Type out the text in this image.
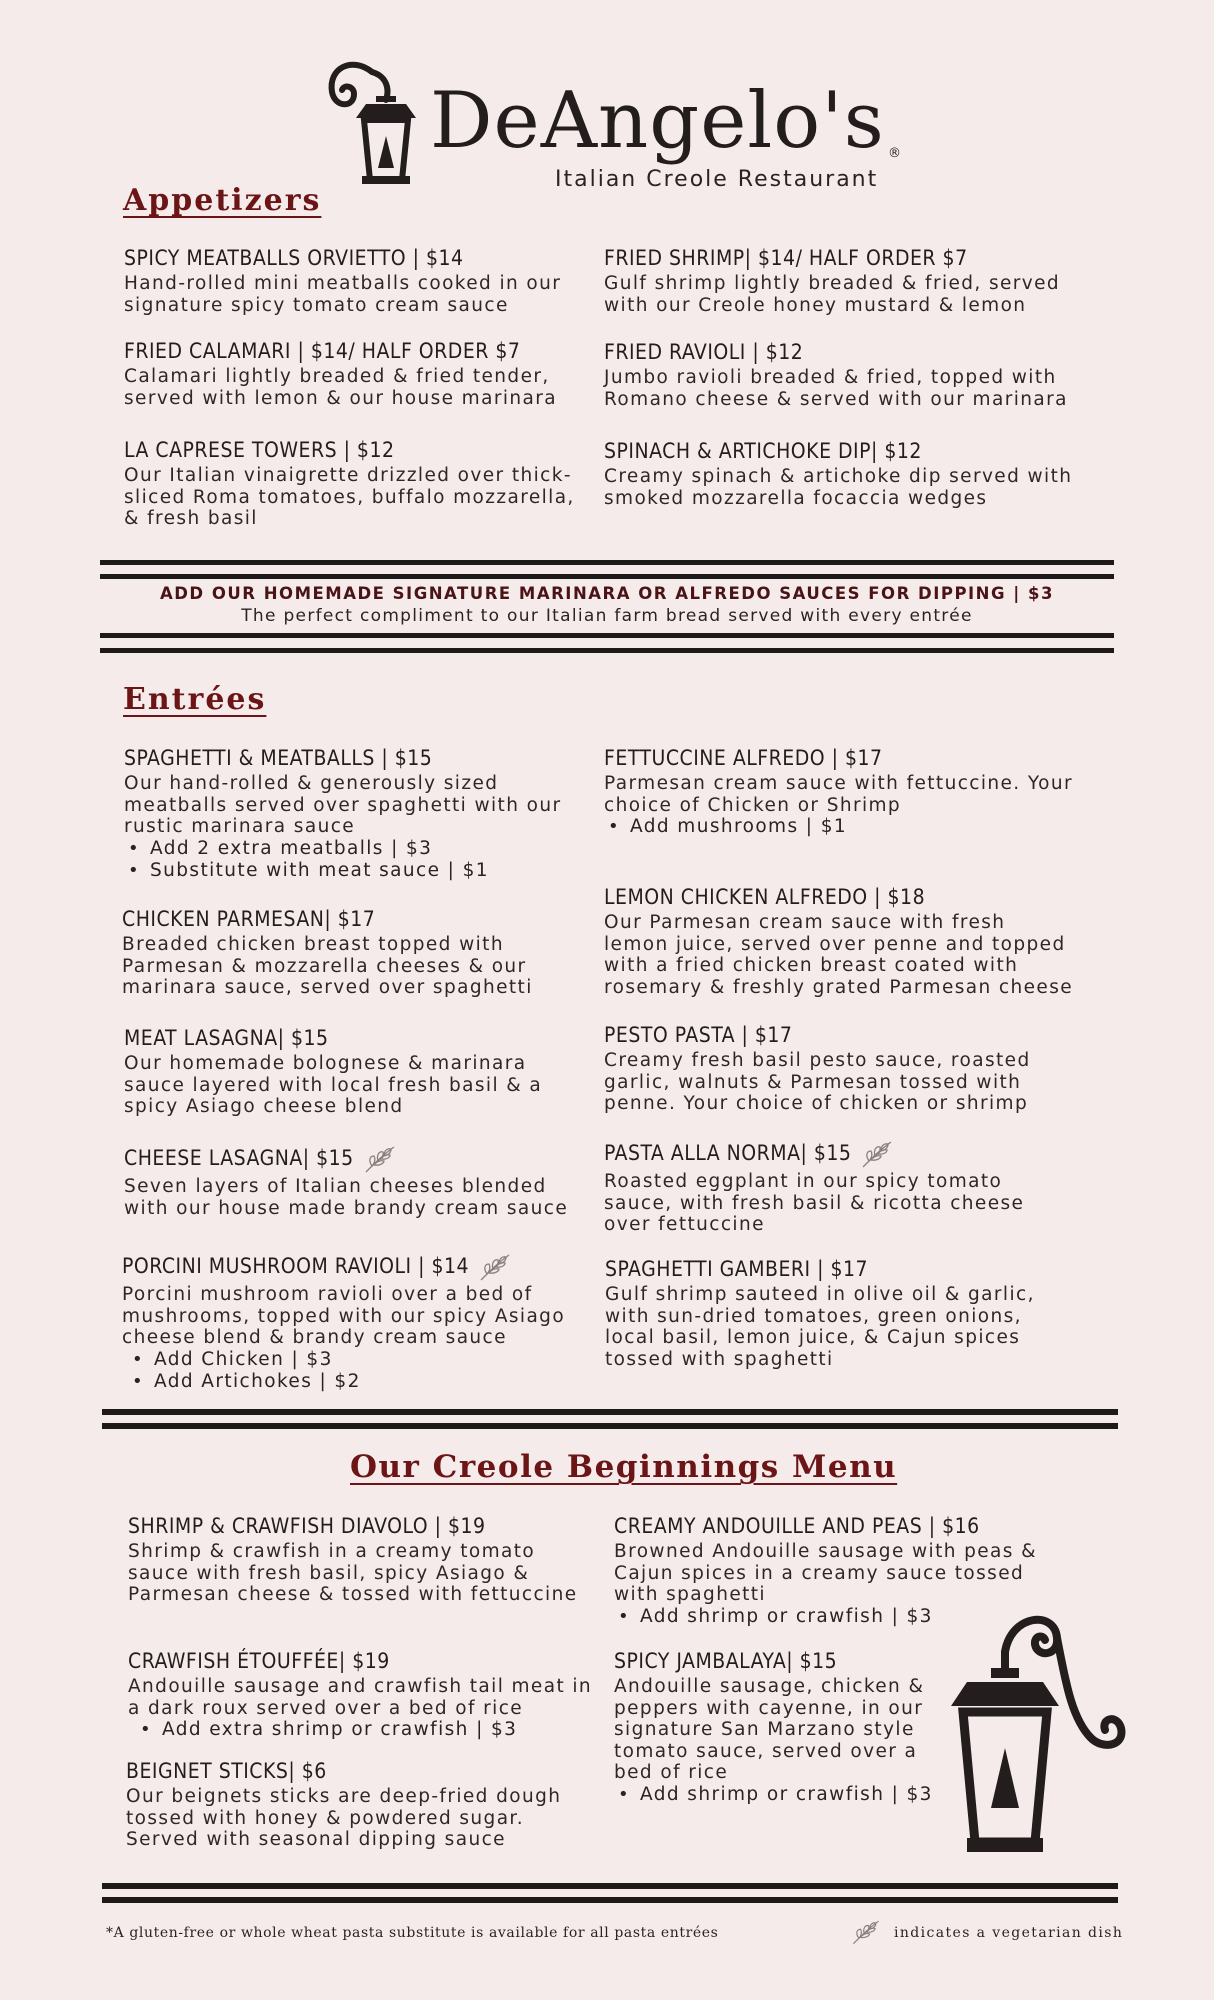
DeAngelo's ®
Italian Creole Restaurant
Appetizers
SPICY MEATBALLS ORVIETTO | $14
Hand-rolled mini meatballs cooked in our signature spicy tomato cream sauce
FRIED SHRIMP| $14/ HALF ORDER $7
Gulf shrimp lightly breaded & fried, served with our Creole honey mustard & lemon
FRIED CALAMARI | $14/ HALF ORDER $7
Calamari lightly breaded & fried tender, served with lemon & our house marinara
FRIED RAVIOLI | $12
Jumbo ravioli breaded & fried, topped with Romano cheese & served with our marinara
LA CAPRESE TOWERS | $12
Our Italian vinaigrette drizzled over thick-sliced Roma tomatoes, buffalo mozzarella, & fresh basil
SPINACH & ARTICHOKE DIP| $12
Creamy spinach & artichoke dip served with smoked mozzarella focaccia wedges
ADD OUR HOMEMADE SIGNATURE MARINARA OR ALFREDO SAUCES FOR DIPPING | $3
The perfect compliment to our Italian farm bread served with every entrée
Entrées
SPAGHETTI & MEATBALLS | $15
Our hand-rolled & generously sized meatballs served over spaghetti with our rustic marinara sauce
• Add 2 extra meatballs | $3
• Substitute with meat sauce | $1
FETTUCCINE ALFREDO | $17
Parmesan cream sauce with fettuccine. Your choice of Chicken or Shrimp
• Add mushrooms | $1
CHICKEN PARMESAN| $17
Breaded chicken breast topped with Parmesan & mozzarella cheeses & our marinara sauce, served over spaghetti
LEMON CHICKEN ALFREDO | $18
Our Parmesan cream sauce with fresh lemon juice, served over penne and topped with a fried chicken breast coated with rosemary & freshly grated Parmesan cheese
MEAT LASAGNA| $15
Our homemade bolognese & marinara sauce layered with local fresh basil & a spicy Asiago cheese blend
PESTO PASTA | $17
Creamy fresh basil pesto sauce, roasted garlic, walnuts & Parmesan tossed with penne. Your choice of chicken or shrimp
CHEESE LASAGNA| $15
Seven layers of Italian cheeses blended with our house made brandy cream sauce
PASTA ALLA NORMA| $15
Roasted eggplant in our spicy tomato sauce, with fresh basil & ricotta cheese over fettuccine
PORCINI MUSHROOM RAVIOLI | $14
Porcini mushroom ravioli over a bed of mushrooms, topped with our spicy Asiago cheese blend & brandy cream sauce
• Add Chicken | $3
• Add Artichokes | $2
SPAGHETTI GAMBERI | $17
Gulf shrimp sauteed in olive oil & garlic, with sun-dried tomatoes, green onions, local basil, lemon juice, & Cajun spices tossed with spaghetti
Our Creole Beginnings Menu
SHRIMP & CRAWFISH DIAVOLO | $19
Shrimp & crawfish in a creamy tomato sauce with fresh basil, spicy Asiago & Parmesan cheese & tossed with fettuccine
CREAMY ANDOUILLE AND PEAS | $16
Browned Andouille sausage with peas & Cajun spices in a creamy sauce tossed with spaghetti
• Add shrimp or crawfish | $3
CRAWFISH ÉTOUFFÉE| $19
Andouille sausage and crawfish tail meat in a dark roux served over a bed of rice
• Add extra shrimp or crawfish | $3
SPICY JAMBALAYA| $15
Andouille sausage, chicken & peppers with cayenne, in our signature San Marzano style tomato sauce, served over a bed of rice
• Add shrimp or crawfish | $3
BEIGNET STICKS| $6
Our beignets sticks are deep-fried dough tossed with honey & powdered sugar. Served with seasonal dipping sauce
*A gluten-free or whole wheat pasta substitute is available for all pasta entrées	indicates a vegetarian dish
